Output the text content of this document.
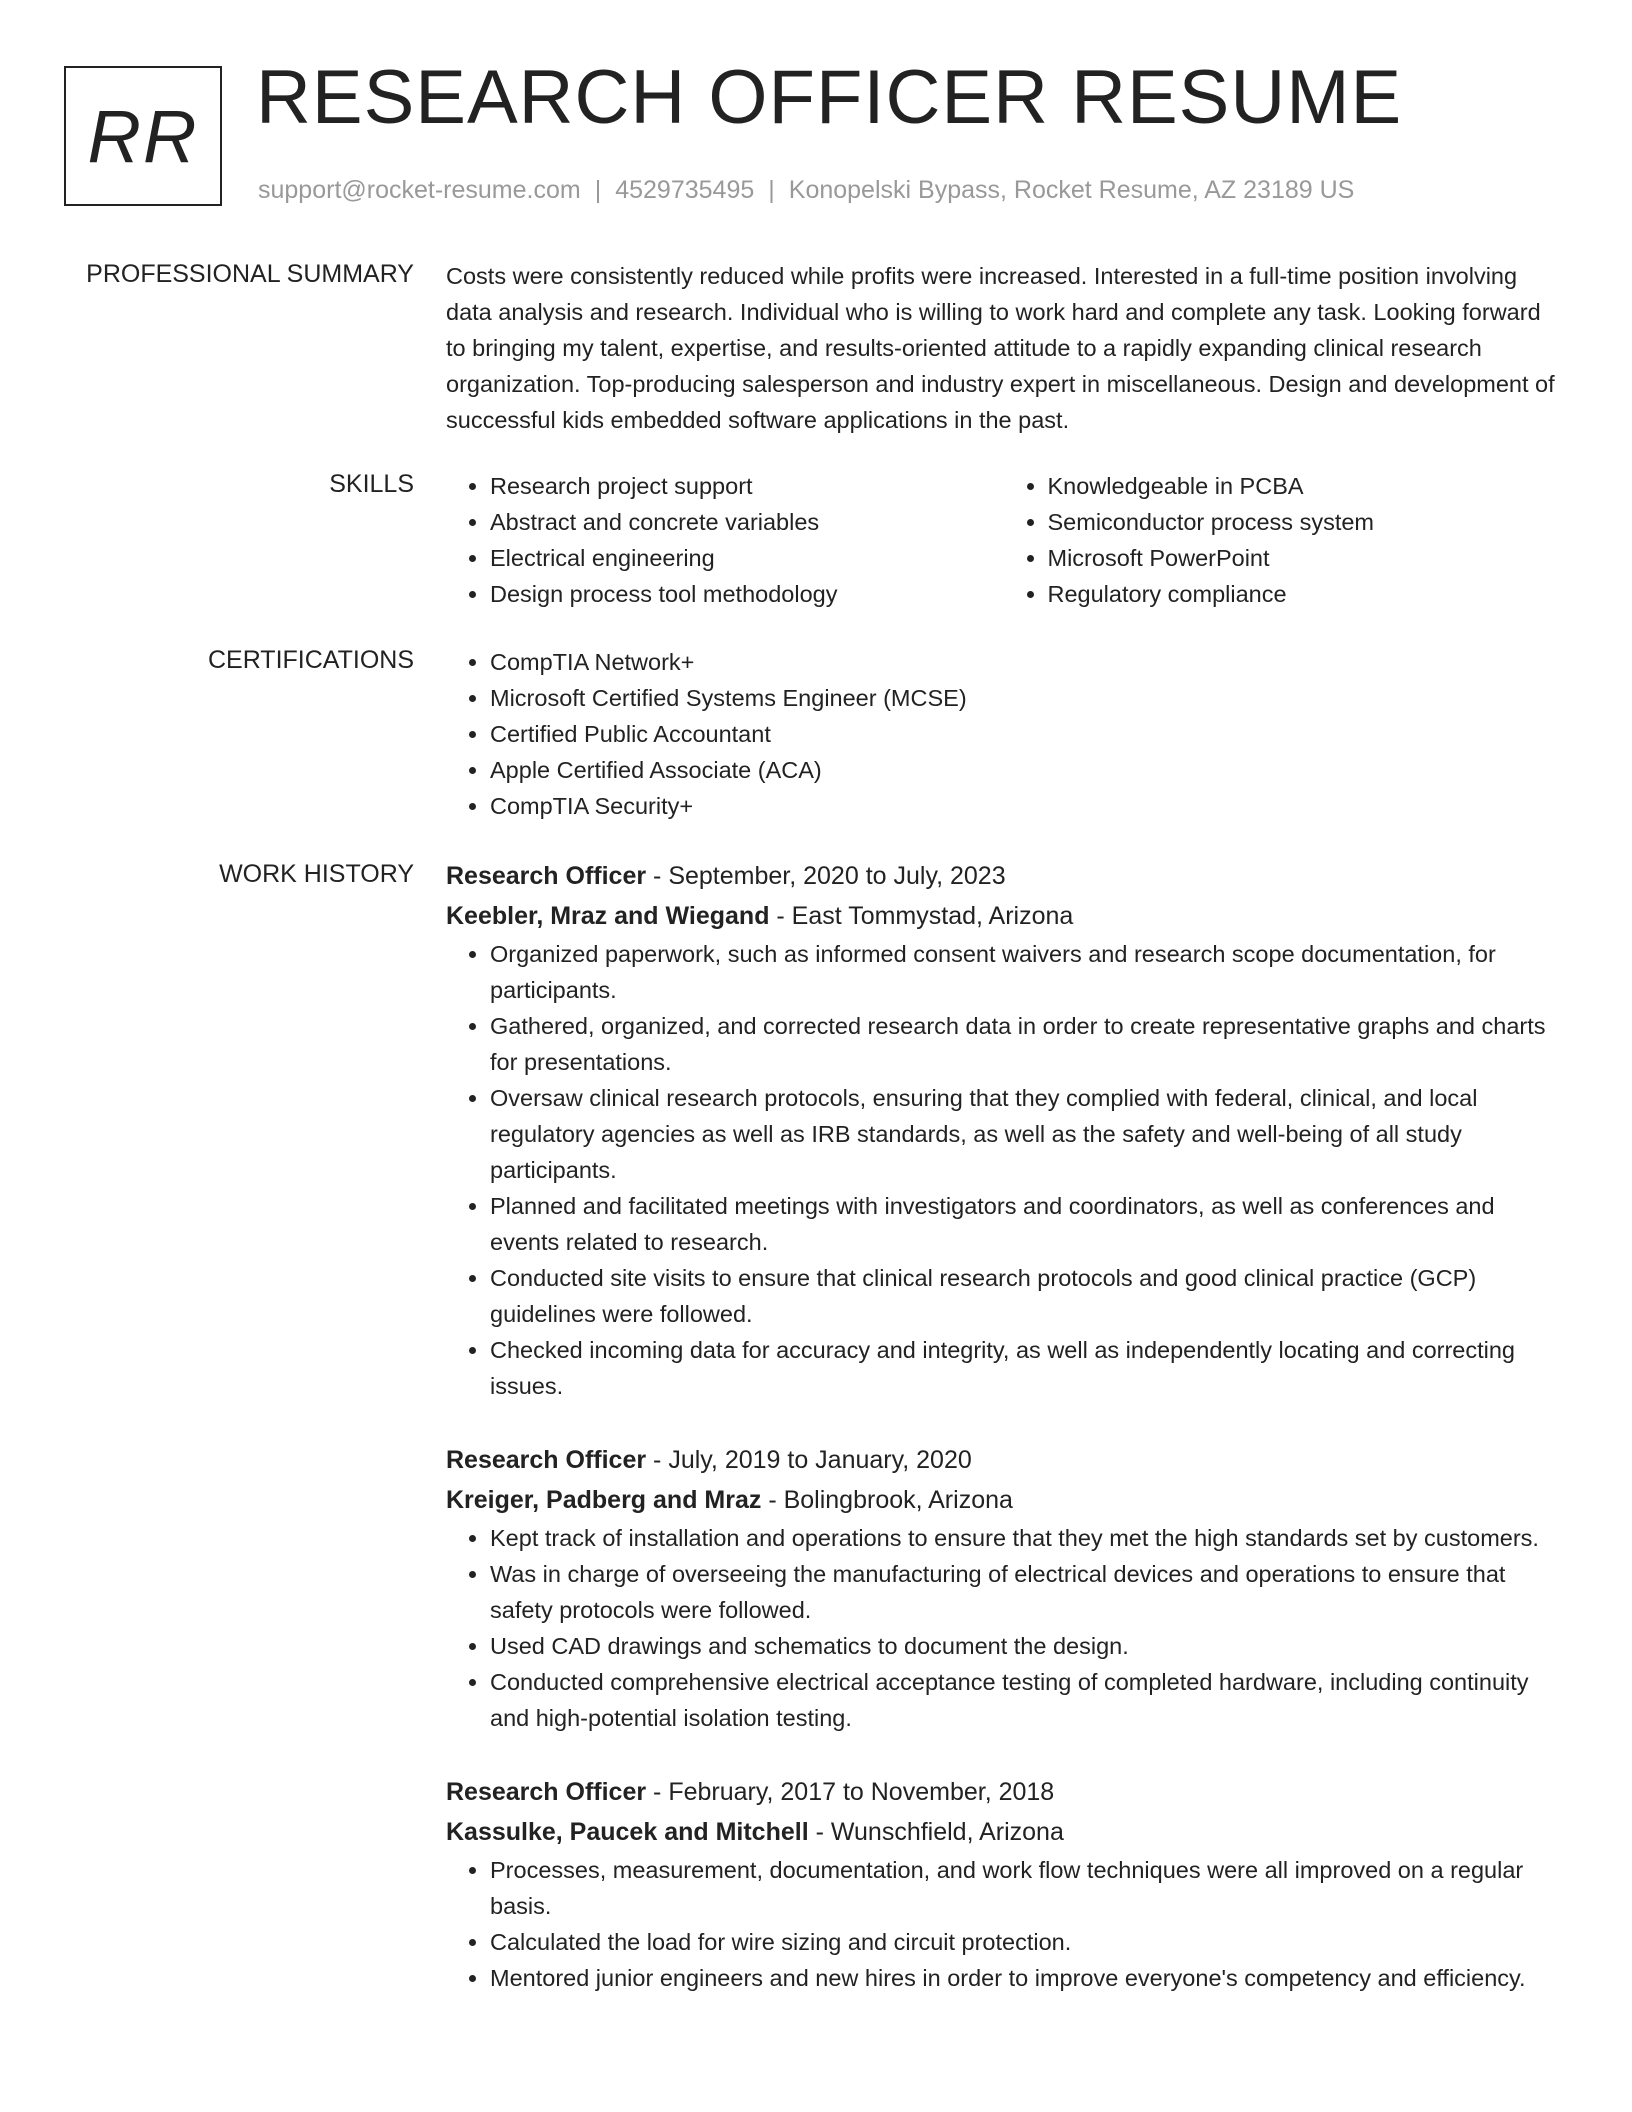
RR RESEARCH OFFICER RESUME
support@rocket-resume.com | 4529735495 | Konopelski Bypass, Rocket Resume, AZ 23189 US
PROFESSIONAL SUMMARY Costs were consistently reduced while profits were increased. Interested in a full-time position involving data analysis and research. Individual who is willing to work hard and complete any task. Looking forward to bringing my talent, expertise, and results-oriented attitude to a rapidly expanding clinical research organization. Top-producing salesperson and industry expert in miscellaneous. Design and development of successful kids embedded software applications in the past.

SKILLS	• Research project support
• Abstract and concrete variables
• Electrical engineering
• Design process tool methodology
• Knowledgeable in PCBA
• Semiconductor process system
• Microsoft PowerPoint
• Regulatory compliance
CERTIFICATIONS	• CompTIA Network+
• Microsoft Certified Systems Engineer (MCSE)
• Certified Public Accountant
• Apple Certified Associate (ACA)
• CompTIA Security+
WORK HISTORY Research Officer - September, 2020 to July, 2023
Keebler, Mraz and Wiegand - East Tommystad, Arizona
• Organized paperwork, such as informed consent waivers and research scope documentation, for participants.
• Gathered, organized, and corrected research data in order to create representative graphs and charts for presentations.
• Oversaw clinical research protocols, ensuring that they complied with federal, clinical, and local regulatory agencies as well as IRB standards, as well as the safety and well-being of all study participants.
• Planned and facilitated meetings with investigators and coordinators, as well as conferences and events related to research.
• Conducted site visits to ensure that clinical research protocols and good clinical practice (GCP) guidelines were followed.
• Checked incoming data for accuracy and integrity, as well as independently locating and correcting issues.
Research Officer - July, 2019 to January, 2020
Kreiger, Padberg and Mraz - Bolingbrook, Arizona
• Kept track of installation and operations to ensure that they met the high standards set by customers.
• Was in charge of overseeing the manufacturing of electrical devices and operations to ensure that safety protocols were followed.
• Used CAD drawings and schematics to document the design.
• Conducted comprehensive electrical acceptance testing of completed hardware, including continuity and high-potential isolation testing.
Research Officer - February, 2017 to November, 2018
Kassulke, Paucek and Mitchell - Wunschfield, Arizona
• Processes, measurement, documentation, and work flow techniques were all improved on a regular basis.
• Calculated the load for wire sizing and circuit protection.
• Mentored junior engineers and new hires in order to improve everyone's competency and efficiency.
